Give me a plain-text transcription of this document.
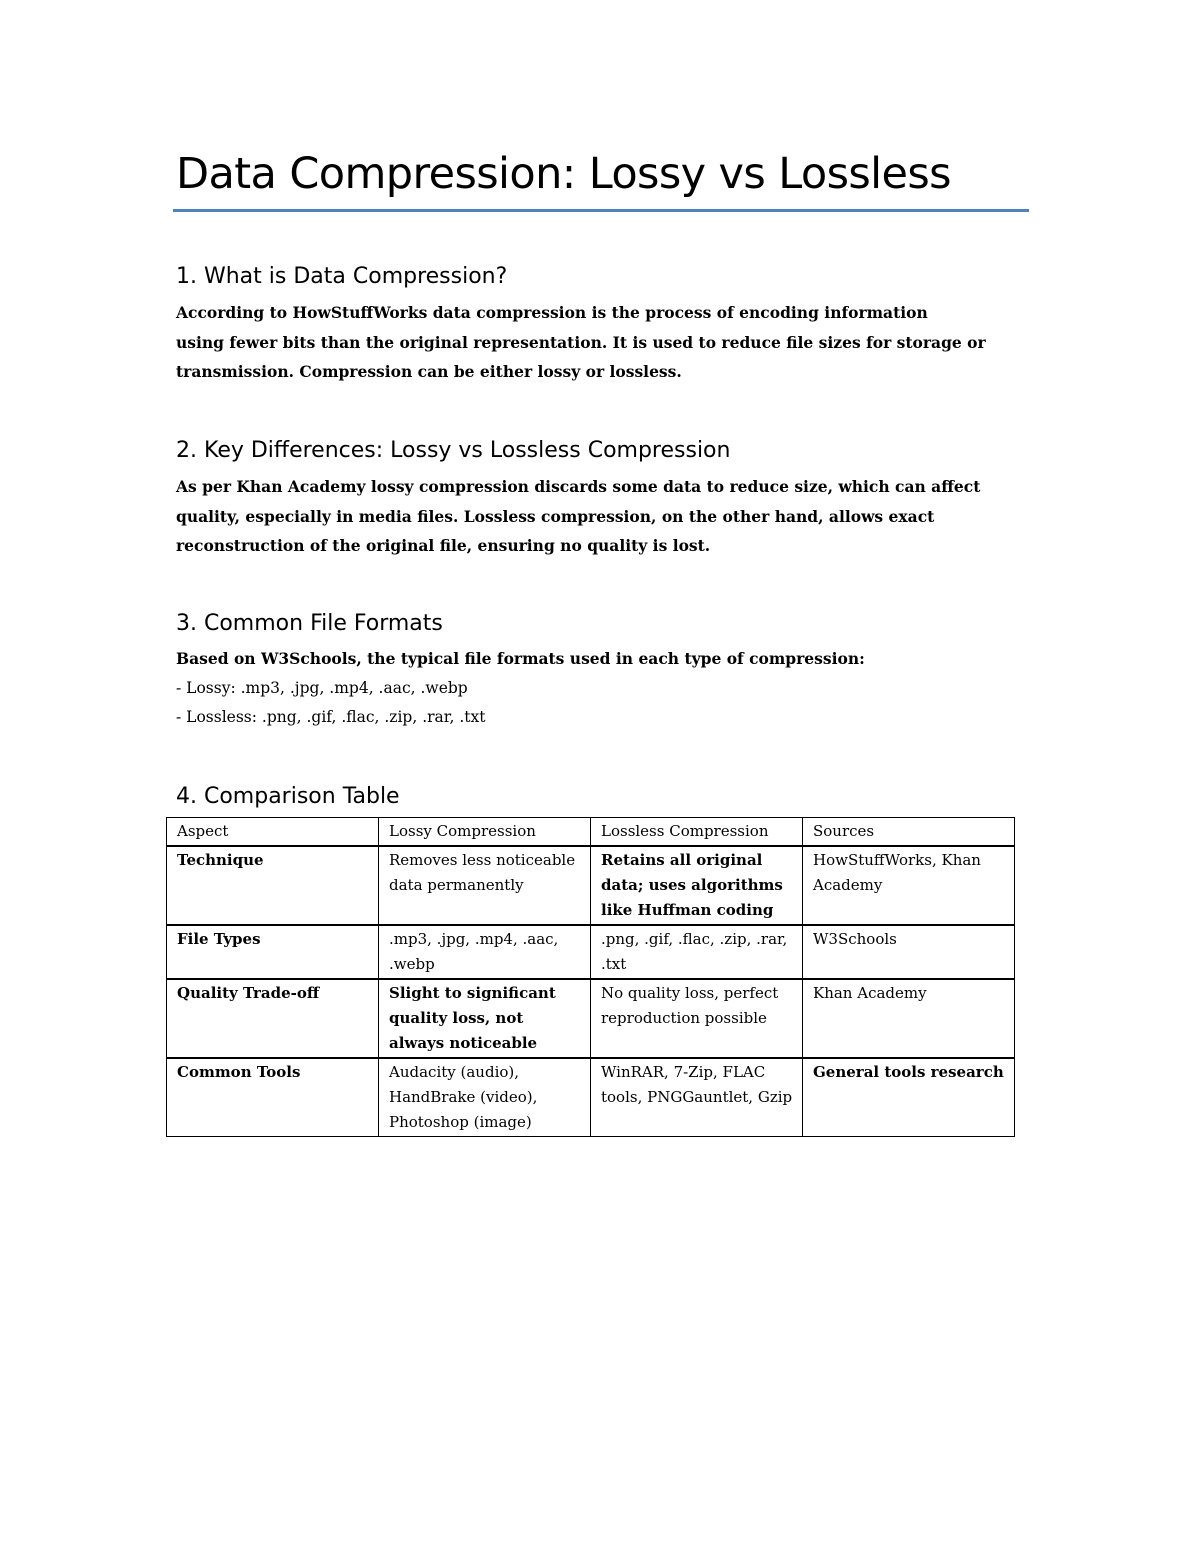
Data Compression: Lossy vs Lossless
1. What is Data Compression?
According to HowStuffWorks data compression is the process of encoding information
using fewer bits than the original representation. It is used to reduce file sizes for storage or
transmission. Compression can be either lossy or lossless.
2. Key Differences: Lossy vs Lossless Compression
As per Khan Academy lossy compression discards some data to reduce size, which can affect
quality, especially in media files. Lossless compression, on the other hand, allows exact
reconstruction of the original file, ensuring no quality is lost.
3. Common File Formats
Based on W3Schools, the typical file formats used in each type of compression:
- Lossy: .mp3, .jpg, .mp4, .aac, .webp
- Lossless: .png, .gif, .flac, .zip, .rar, .txt
4. Comparison Table
Aspect	Lossy Compression	Lossless Compression	Sources
Technique	Removes less noticeable data permanently	Retains all original data; uses algorithms like Huffman coding	HowStuffWorks, Khan Academy
File Types	.mp3, .jpg, .mp4, .aac, .webp	.png, .gif, .flac, .zip, .rar, .txt	W3Schools
Quality Trade-off	Slight to significant quality loss, not always noticeable	No quality loss, perfect reproduction possible	Khan Academy
Common Tools	Audacity (audio), HandBrake (video), Photoshop (image)	WinRAR, 7-Zip, FLAC tools, PNGGauntlet, Gzip	General tools research
